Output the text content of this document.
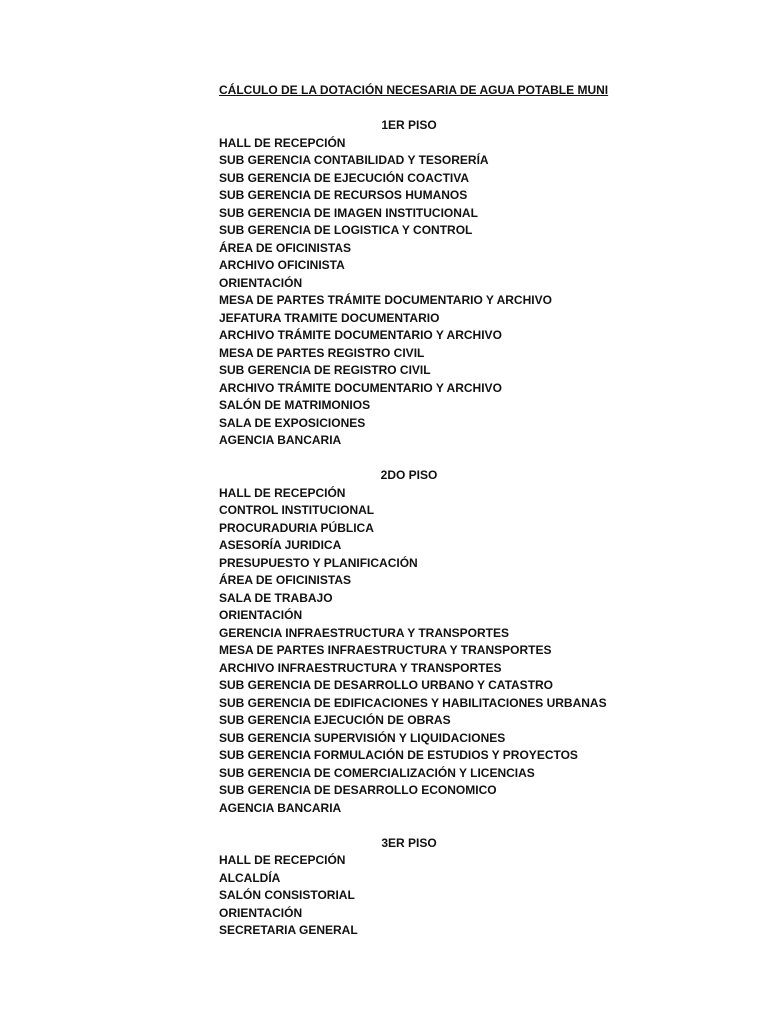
CÁLCULO DE LA DOTACIÓN NECESARIA DE AGUA POTABLE MUNI
1ER PISO
HALL DE RECEPCIÓN
SUB GERENCIA CONTABILIDAD Y TESORERÍA
SUB GERENCIA DE EJECUCIÓN COACTIVA
SUB GERENCIA DE RECURSOS HUMANOS
SUB GERENCIA DE IMAGEN INSTITUCIONAL
SUB GERENCIA DE LOGISTICA Y CONTROL
ÁREA DE OFICINISTAS
ARCHIVO OFICINISTA
ORIENTACIÓN
MESA DE PARTES TRÁMITE DOCUMENTARIO Y ARCHIVO
JEFATURA TRAMITE DOCUMENTARIO
ARCHIVO TRÁMITE DOCUMENTARIO Y ARCHIVO
MESA DE PARTES REGISTRO CIVIL
SUB GERENCIA DE REGISTRO CIVIL
ARCHIVO TRÁMITE DOCUMENTARIO Y ARCHIVO
SALÓN DE MATRIMONIOS
SALA DE EXPOSICIONES
AGENCIA BANCARIA
2DO PISO
HALL DE RECEPCIÓN
CONTROL INSTITUCIONAL
PROCURADURIA PÚBLICA
ASESORÍA JURIDICA
PRESUPUESTO Y PLANIFICACIÓN
ÁREA DE OFICINISTAS
SALA DE TRABAJO
ORIENTACIÓN
GERENCIA INFRAESTRUCTURA Y TRANSPORTES
MESA DE PARTES INFRAESTRUCTURA Y TRANSPORTES
ARCHIVO INFRAESTRUCTURA Y TRANSPORTES
SUB GERENCIA DE DESARROLLO URBANO Y CATASTRO
SUB GERENCIA DE EDIFICACIONES Y HABILITACIONES URBANAS
SUB GERENCIA EJECUCIÓN DE OBRAS
SUB GERENCIA SUPERVISIÓN Y LIQUIDACIONES
SUB GERENCIA FORMULACIÓN DE ESTUDIOS Y PROYECTOS
SUB GERENCIA DE COMERCIALIZACIÓN Y LICENCIAS
SUB GERENCIA DE DESARROLLO ECONOMICO
AGENCIA BANCARIA
3ER PISO
HALL DE RECEPCIÓN
ALCALDÍA
SALÓN CONSISTORIAL
ORIENTACIÓN
SECRETARIA GENERAL
